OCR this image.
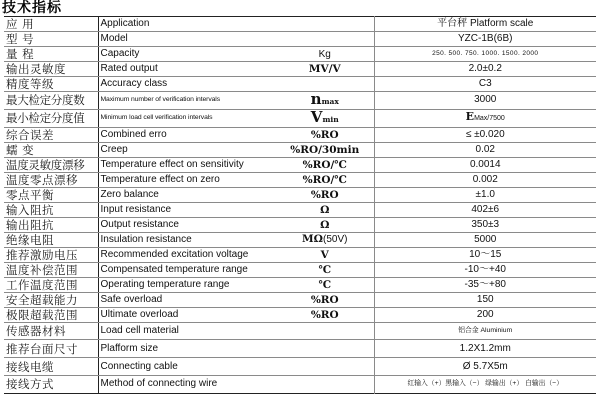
技术指标
应 用	Application		平台秤 Platform scale
型 号	Model		YZC-1B(6B)
量 程	Capacity	Kg	250. 500. 750. 1000. 1500. 2000
输出灵敏度	Rated output	MV/V	2.0±0.2
精度等级	Accuracy class		C3
最大检定分度数	Maximum number of verification intervals	nmax	3000
最小检定分度值	Minimum load cell verification intervals	Vmin	EMax/7500
综合误差	Combined erro	%RO	≤ ±0.020
蠕 变	Creep	%RO/30min	0.02
温度灵敏度漂移	Temperature effect on sensitivity	%RO/℃	0.0014
温度零点漂移	Temperature effect on zero	%RO/℃	0.002
零点平衡	Zero balance	%RO	±1.0
输入阻抗	Input resistance	Ω	402±6
输出阻抗	Output resistance	Ω	350±3
绝缘电阻	Insulation resistance	MΩ(50V)	5000
推荐激励电压	Recommended excitation voltage	V	10～15
温度补偿范围	Compensated temperature range	℃	-10～+40
工作温度范围	Operating temperature range	℃	-35～+80
安全超载能力	Safe overload	%RO	150
极限超载范围	Ultimate overload	%RO	200
传感器材料	Load cell material		铝合金 Aluminium
推荐台面尺寸	Plafform size		1.2X1.2mm
接线电缆	Connecting cable		Ø 5.7X5m
接线方式	Method of connecting wire		红输入（+）黑输入（−） 绿输出（+） 白输出（−）
